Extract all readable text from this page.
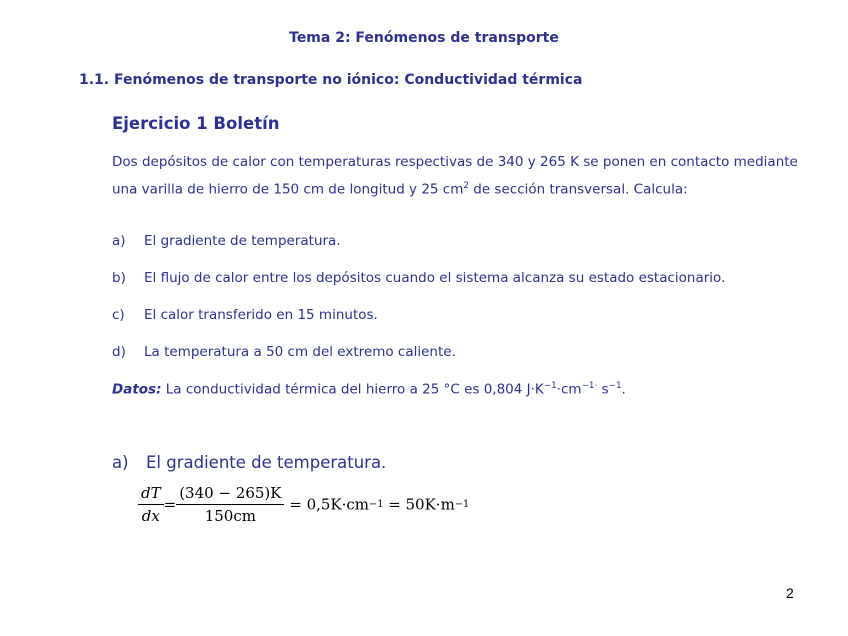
Tema 2: Fenómenos de transporte
1.1. Fenómenos de transporte no iónico: Conductividad térmica
Ejercicio 1 Boletín
Dos depósitos de calor con temperaturas respectivas de 340 y 265 K se ponen en contacto mediante una varilla de hierro de 150 cm de longitud y 25 $cm^2$ de sección transversal. Calcula:
a) El gradiente de temperatura.
b) El flujo de calor entre los depósitos cuando el sistema alcanza su estado estacionario.
c) El calor transferido en 15 minutos.
d) La temperatura a 50 cm del extremo caliente.
Datos: La conductividad térmica del hierro a 25 °C es 0,804 $J\cdot K^{-1}\cdot cm^{-1\cdot}$ $s^{-1}$.
a) El gradiente de temperatura.
$\frac{dT}{dx} = \frac{(340 - 265)K}{150cm} = 0,5K\cdot cm-1 = 50K\cdot m-1$
2
